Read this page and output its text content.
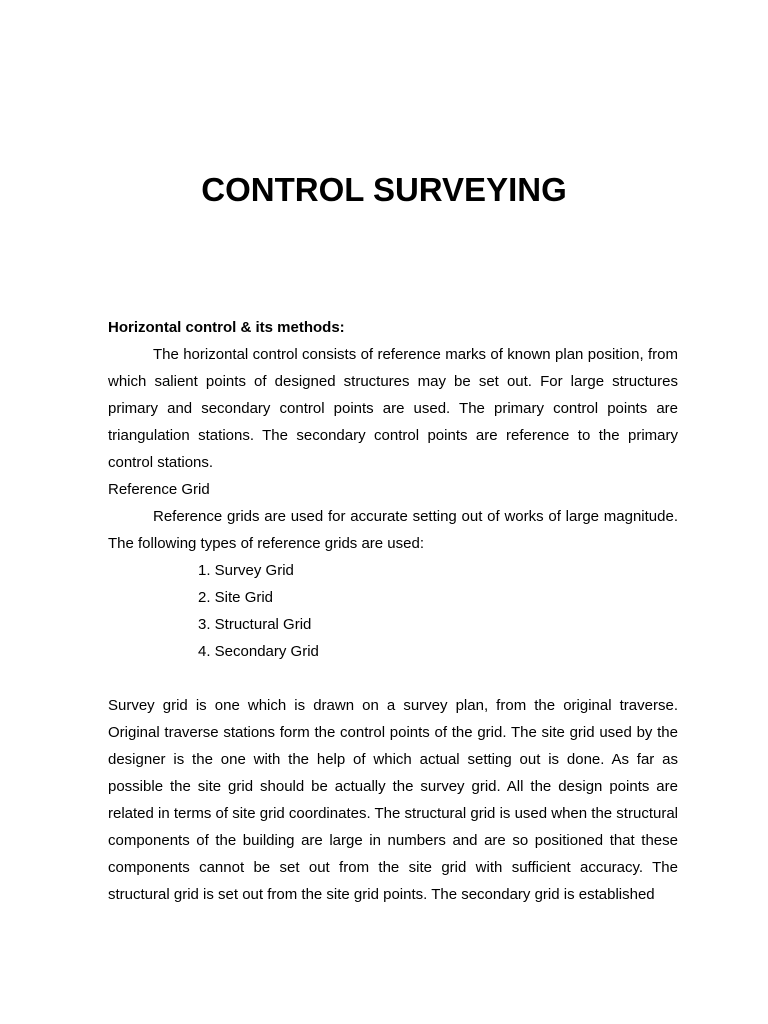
CONTROL SURVEYING

Horizontal control & its methods:

The horizontal control consists of reference marks of known plan position, from which salient points of designed structures may be set out. For large structures primary and secondary control points are used. The primary control points are triangulation stations. The secondary control points are reference to the primary control stations.

Reference Grid

Reference grids are used for accurate setting out of works of large magnitude. The following types of reference grids are used:

1. Survey Grid
2. Site Grid
3. Structural Grid
4. Secondary Grid

Survey grid is one which is drawn on a survey plan, from the original traverse. Original traverse stations form the control points of the grid. The site grid used by the designer is the one with the help of which actual setting out is done. As far as possible the site grid should be actually the survey grid. All the design points are related in terms of site grid coordinates. The structural grid is used when the structural components of the building are large in numbers and are so positioned that these components cannot be set out from the site grid with sufficient accuracy. The structural grid is set out from the site grid points. The secondary grid is established
